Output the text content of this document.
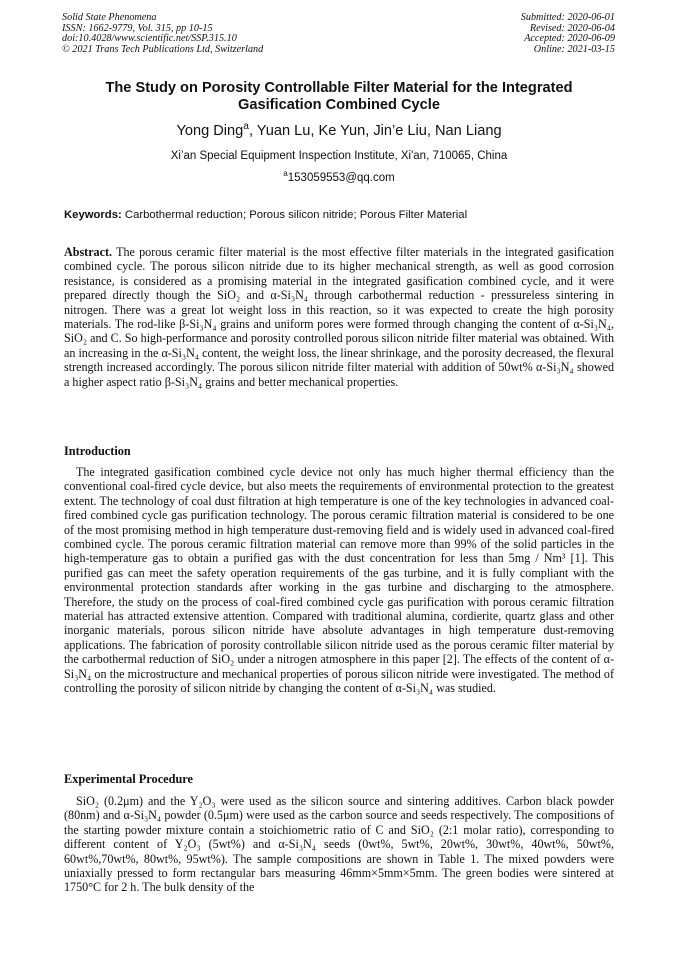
Solid State Phenomena
ISSN: 1662-9779, Vol. 315, pp 10-15
doi:10.4028/www.scientific.net/SSP.315.10
© 2021 Trans Tech Publications Ltd, Switzerland
Submitted: 2020-06-01
Revised: 2020-06-04
Accepted: 2020-06-09
Online: 2021-03-15
The Study on Porosity Controllable Filter Material for the Integrated Gasification Combined Cycle
Yong Ding$^a$, Yuan Lu, Ke Yun, Jin’e Liu, Nan Liang
Xi’an Special Equipment Inspection Institute, Xi'an, 710065, China
$^a$153059553@qq.com
Keywords: Carbothermal reduction; Porous silicon nitride; Porous Filter Material
Abstract. The porous ceramic filter material is the most effective filter materials in the integrated gasification combined cycle. The porous silicon nitride due to its higher mechanical strength, as well as good corrosion resistance, is considered as a promising material in the integrated gasification combined cycle, and it were prepared directly though the SiO₂ and α-Si₃N₄ through carbothermal reduction - pressureless sintering in nitrogen. There was a great lot weight loss in this reaction, so it was expected to create the high porosity materials. The rod-like β-Si₃N₄ grains and uniform pores were formed through changing the content of α-Si₃N₄, SiO₂ and C. So high-performance and porosity controlled porous silicon nitride filter material was obtained. With an increasing in the α-Si₃N₄ content, the weight loss, the linear shrinkage, and the porosity decreased, the flexural strength increased accordingly. The porous silicon nitride filter material with addition of 50wt% α-Si₃N₄ showed a higher aspect ratio β-Si₃N₄ grains and better mechanical properties.
Introduction
The integrated gasification combined cycle device not only has much higher thermal efficiency than the conventional coal-fired cycle device, but also meets the requirements of environmental protection to the greatest extent. The technology of coal dust filtration at high temperature is one of the key technologies in advanced coal-fired combined cycle gas purification technology. The porous ceramic filtration material is considered to be one of the most promising method in high temperature dust-removing field and is widely used in advanced coal-fired combined cycle. The porous ceramic filtration material can remove more than 99% of the solid particles in the high-temperature gas to obtain a purified gas with the dust concentration for less than 5mg / Nm³ [1]. This purified gas can meet the safety operation requirements of the gas turbine, and it is fully compliant with the environmental protection standards after working in the gas turbine and discharging to the atmosphere. Therefore, the study on the process of coal-fired combined cycle gas purification with porous ceramic filtration material has attracted extensive attention. Compared with traditional alumina, cordierite, quartz glass and other inorganic materials, porous silicon nitride have absolute advantages in high temperature dust-removing applications. The fabrication of porosity controllable silicon nitride used as the porous ceramic filter material by the carbothermal reduction of SiO₂ under a nitrogen atmosphere in this paper [2]. The effects of the content of α-Si₃N₄ on the microstructure and mechanical properties of porous silicon nitride were investigated. The method of controlling the porosity of silicon nitride by changing the content of α-Si₃N₄ was studied.
Experimental Procedure
SiO₂ (0.2μm) and the Y₂O₃ were used as the silicon source and sintering additives. Carbon black powder (80nm) and α-Si₃N₄ powder (0.5μm) were used as the carbon source and seeds respectively. The compositions of the starting powder mixture contain a stoichiometric ratio of C and SiO₂ (2:1 molar ratio), corresponding to different content of Y₂O₃ (5wt%) and α-Si₃N₄ seeds (0wt%, 5wt%, 20wt%, 30wt%, 40wt%, 50wt%, 60wt%,70wt%, 80wt%, 95wt%). The sample compositions are shown in Table 1. The mixed powders were uniaxially pressed to form rectangular bars measuring 46mm×5mm×5mm. The green bodies were sintered at 1750°C for 2 h. The bulk density of the
